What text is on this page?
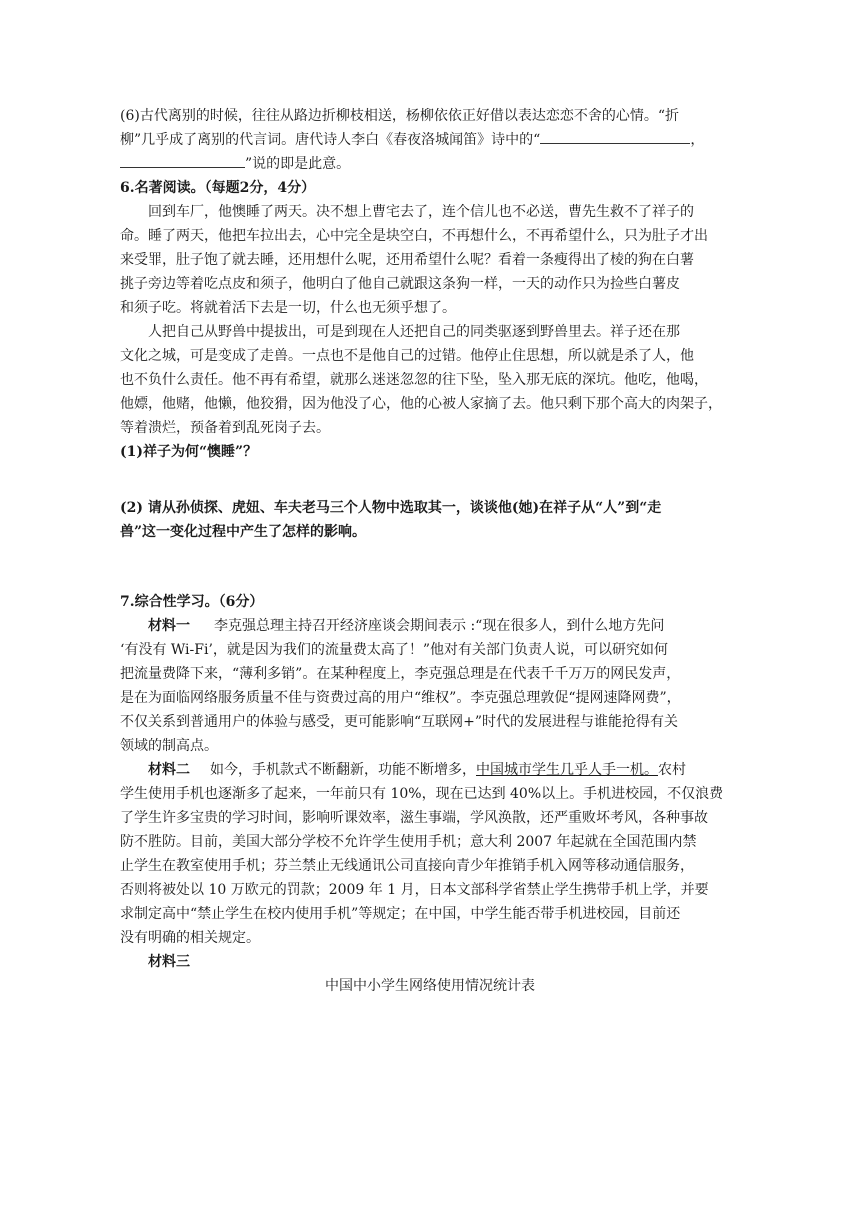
(6)古代离别的时候，往往从路边折柳枝相送，杨柳依依正好借以表达恋恋不舍的心情。“折
柳”几乎成了离别的代言词。唐代诗人李白《春夜洛城闻笛》诗中的“	，
”说的即是此意。
6.名著阅读。（每题2分，4分）
回到车厂，他懊睡了两天。决不想上曹宅去了，连个信儿也不必送，曹先生救不了祥子的
命。睡了两天，他把车拉出去，心中完全是块空白，不再想什么，不再希望什么，只为肚子才出
来受罪，肚子饱了就去睡，还用想什么呢，还用希望什么呢？看着一条瘦得出了棱的狗在白薯
挑子旁边等着吃点皮和须子，他明白了他自己就跟这条狗一样，一天的动作只为捡些白薯皮
和须子吃。将就着活下去是一切，什么也无须乎想了。
人把自己从野兽中提拔出，可是到现在人还把自己的同类驱逐到野兽里去。祥子还在那
文化之城，可是变成了走兽。一点也不是他自己的过错。他停止住思想，所以就是杀了人，他
也不负什么责任。他不再有希望，就那么迷迷忽忽的往下坠，坠入那无底的深坑。他吃，他喝，
他嫖，他赌，他懒，他狡猾，因为他没了心，他的心被人家摘了去。他只剩下那个高大的肉架子，
等着溃烂，预备着到乱死岗子去。
(1)祥子为何“懊睡”？
(2) 请从孙侦探、虎妞、车夫老马三个人物中选取其一，谈谈他(她)在祥子从“人”到“走
兽”这一变化过程中产生了怎样的影响。
7.综合性学习。（6分）
材料一 李克强总理主持召开经济座谈会期间表示 :“现在很多人，到什么地方先问
‘有没有 Wi-Fi’，就是因为我们的流量费太高了！”他对有关部门负责人说，可以研究如何
把流量费降下来，“薄利多销”。在某种程度上，李克强总理是在代表千千万万的网民发声，
是在为面临网络服务质量不佳与资费过高的用户“维权”。李克强总理敦促“提网速降网费”，
不仅关系到普通用户的体验与感受，更可能影响“互联网+”时代的发展进程与谁能抢得有关
领域的制高点。
材料二 如今，手机款式不断翻新，功能不断增多，中国城市学生几乎人手一机。农村
学生使用手机也逐渐多了起来，一年前只有 10%，现在已达到 40%以上。手机进校园，不仅浪费
了学生许多宝贵的学习时间，影响听课效率，滋生事端，学风涣散，还严重败坏考风，各种事故
防不胜防。目前，美国大部分学校不允许学生使用手机；意大利 2007 年起就在全国范围内禁
止学生在教室使用手机；芬兰禁止无线通讯公司直接向青少年推销手机入网等移动通信服务，
否则将被处以 10 万欧元的罚款；2009 年 1 月，日本文部科学省禁止学生携带手机上学，并要
求制定高中“禁止学生在校内使用手机”等规定；在中国，中学生能否带手机进校园，目前还
没有明确的相关规定。
材料三
中国中小学生网络使用情况统计表
